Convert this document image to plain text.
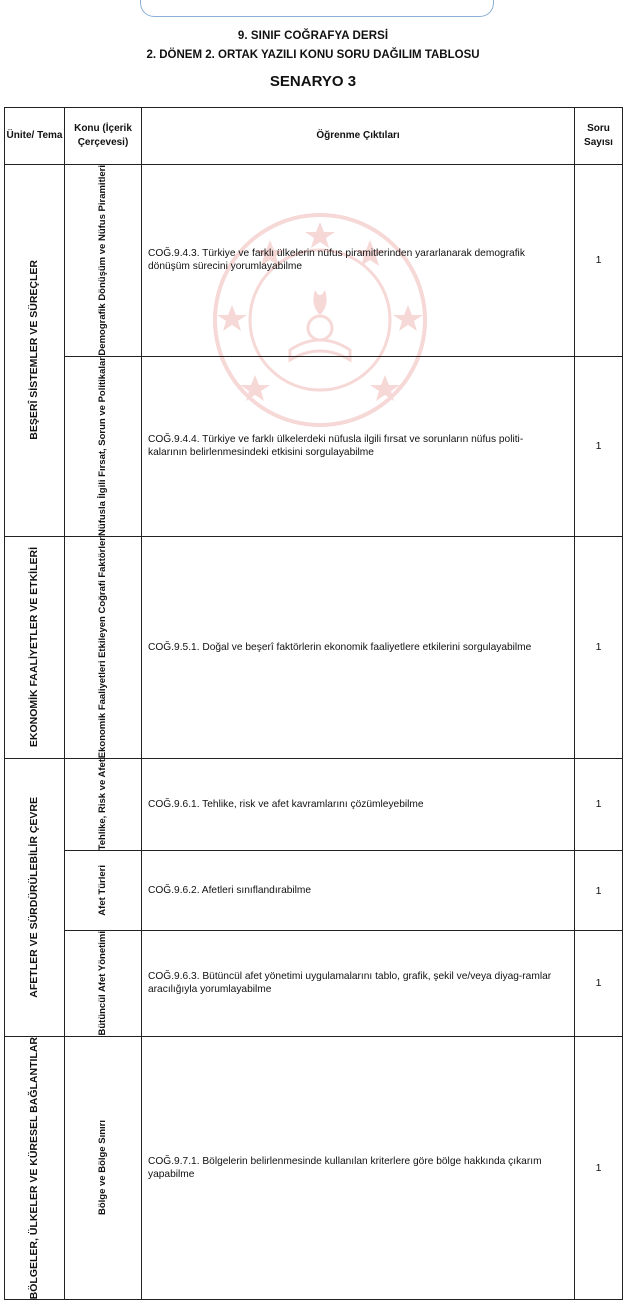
9. SINIF COĞRAFYA DERSİ
2. DÖNEM 2. ORTAK YAZILI KONU SORU DAĞILIM TABLOSU
SENARYO 3
Ünite/ Tema	Konu (İçerik Çerçevesi)	Öğrenme Çıktıları	Soru Sayısı

BEŞERÎ SİSTEMLER VE SÜREÇLER	Demografik Dönüşüm ve Nüfus Piramitleri	COĞ.9.4.3. Türkiye ve farklı ülkelerin nüfus piramitlerinden yararlanarak demografik dönüşüm sürecini yorumlayabilme	1

	Nüfusla İlgili Fırsat, Sorun ve Politikalar	COĞ.9.4.4. Türkiye ve farklı ülkelerdeki nüfusla ilgili fırsat ve sorunların nüfus politi-kalarının belirlenmesindeki etkisini sorgulayabilme	1

EKONOMİK FAALİYETLER VE ETKİLERİ	Ekonomik Faaliyetleri Etkileyen Coğrafi Faktörler	COĞ.9.5.1. Doğal ve beşerî faktörlerin ekonomik faaliyetlere etkilerini sorgulayabilme	1

AFETLER VE SÜRDÜRÜLEBİLİR ÇEVRE	Tehlike, Risk ve Afet	COĞ.9.6.1. Tehlike, risk ve afet kavramlarını çözümleyebilme	1

	Afet Türleri	COĞ.9.6.2. Afetleri sınıflandırabilme	1

	Bütüncül Afet Yönetimi	COĞ.9.6.3. Bütüncül afet yönetimi uygulamalarını tablo, grafik, şekil ve/veya diyag-ramlar aracılığıyla yorumlayabilme	1

BÖLGELER, ÜLKELER VE KÜRESEL BAĞLANTILAR	Bölge ve Bölge Sınırı	COĞ.9.7.1. Bölgelerin belirlenmesinde kullanılan kriterlere göre bölge hakkında çıkarım yapabilme	1
